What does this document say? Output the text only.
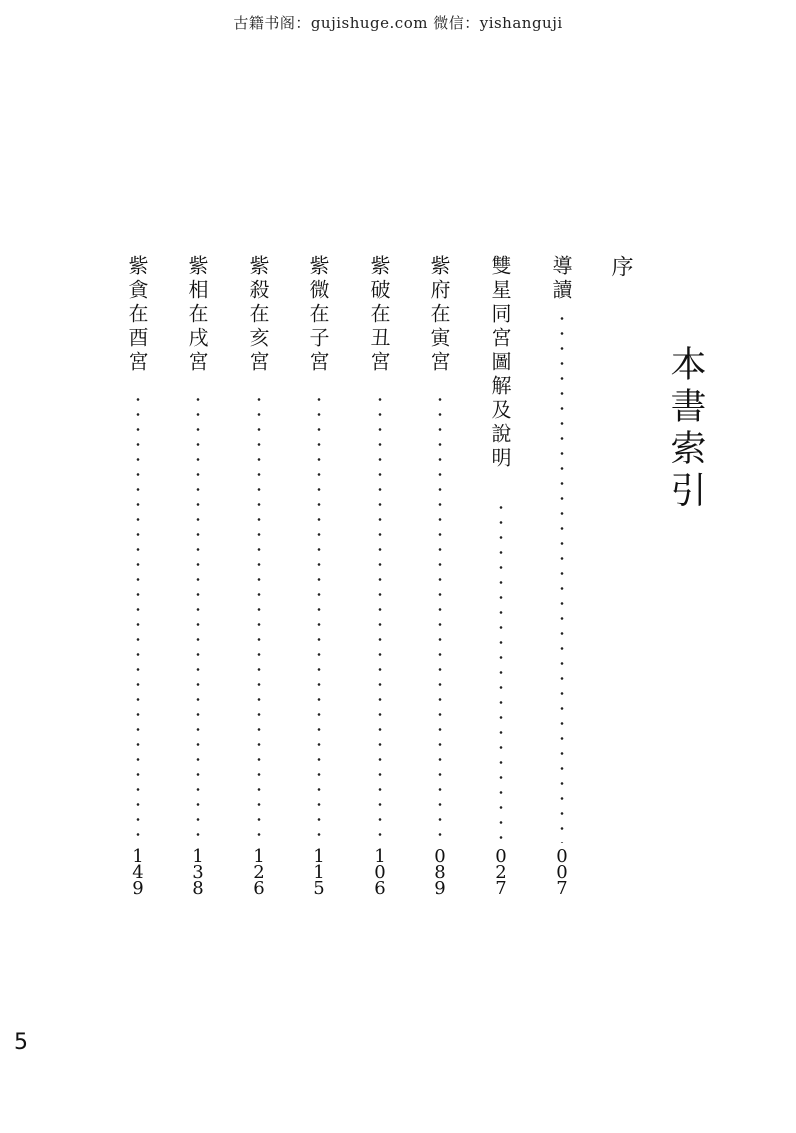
古籍书阁：gujishuge.com 微信：yishanguji
本書索引
序
導讀
0
0
7
雙星同宮圖解及說明
0
2
7
紫府在寅宮
0
8
9
紫破在丑宮
1
0
6
紫微在子宮
1
1
5
紫殺在亥宮
1
2
6
紫相在戌宮
1
3
8
紫貪在酉宮
1
4
9
5
